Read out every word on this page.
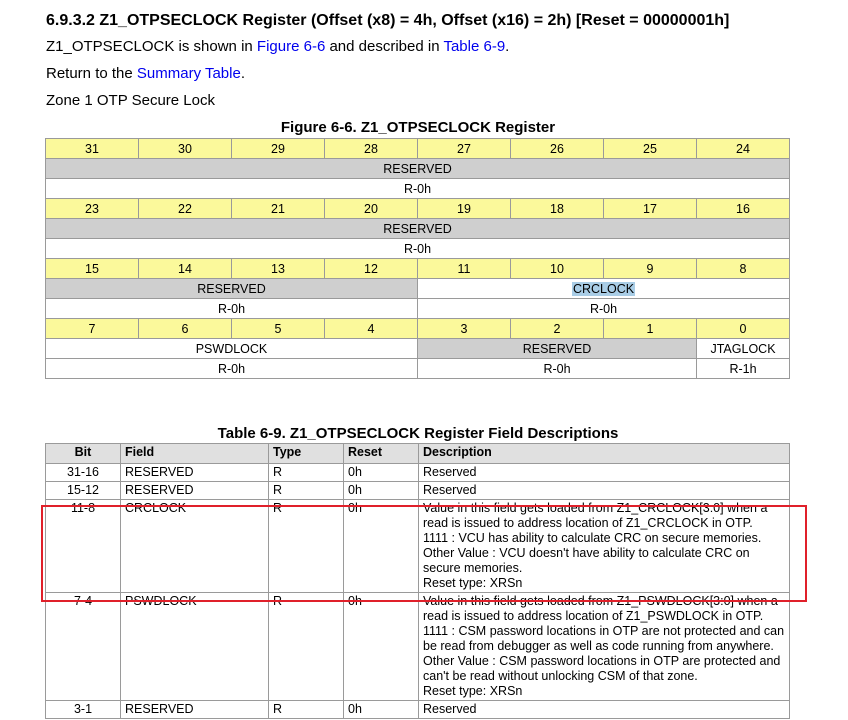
6.9.3.2 Z1_OTPSECLOCK Register (Offset (x8) = 4h, Offset (x16) = 2h) [Reset = 00000001h]

Z1_OTPSECLOCK is shown in Figure 6-6 and described in Table 6-9.

Return to the Summary Table.

Zone 1 OTP Secure Lock

Figure 6-6. Z1_OTPSECLOCK Register

31	30	29	28	27	26	25	24
RESERVED							
R-0h							
23	22	21	20	19	18	17	16
RESERVED							
R-0h							
15	14	13	12	11	10	9	8
RESERVED				CRCLOCK			
R-0h				R-0h			
7	6	5	4	3	2	1	0
PSWDLOCK				RESERVED			JTAGLOCK
R-0h				R-0h			R-1h

Table 6-9. Z1_OTPSECLOCK Register Field Descriptions

Bit	Field	Type	Reset	Description
31-16	RESERVED	R	0h	Reserved
15-12	RESERVED	R	0h	Reserved
11-8	CRCLOCK	R	0h	Value in this field gets loaded from Z1_CRCLOCK[3:0] when a read is issued to address location of Z1_CRCLOCK in OTP.
1111 : VCU has ability to calculate CRC on secure memories.
Other Value : VCU doesn't have ability to calculate CRC on secure memories.
Reset type: XRSn

7-4	PSWDLOCK	R	0h	Value in this field gets loaded from Z1_PSWDLOCK[3:0] when a read is issued to address location of Z1_PSWDLOCK in OTP.
1111 : CSM password locations in OTP are not protected and can be read from debugger as well as code running from anywhere.
Other Value : CSM password locations in OTP are protected and can't be read without unlocking CSM of that zone.
Reset type: XRSn

3-1	RESERVED	R	0h	Reserved
